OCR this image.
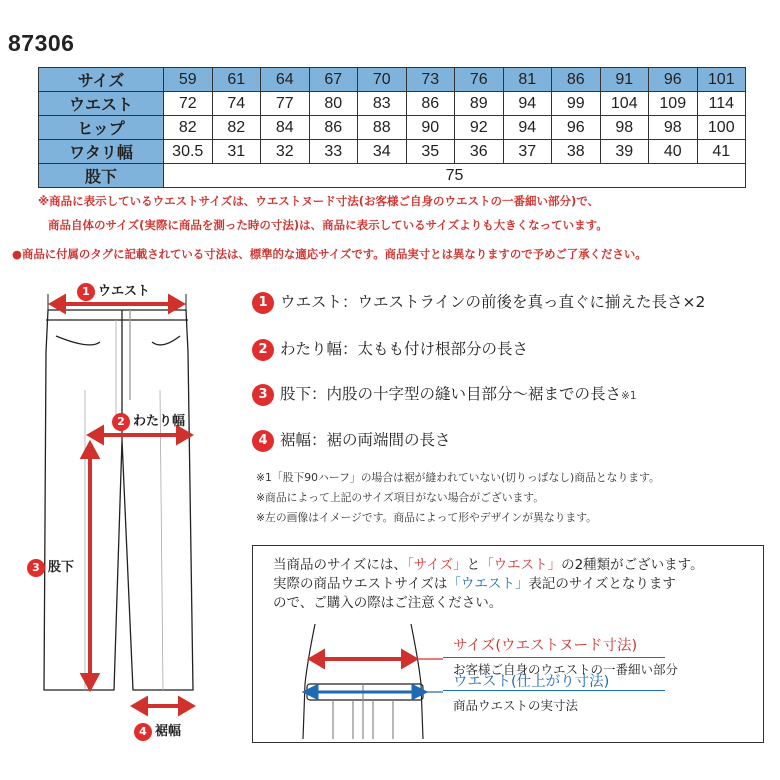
87306
サイズ	59	61	64	67	70	73	76	81	86	91	96	101
ウエスト	72	74	77	80	83	86	89	94	99	104	109	114
ヒップ	82	82	84	86	88	90	92	94	96	98	98	100
ワタリ幅	30.5	31	32	33	34	35	36	37	38	39	40	41
股下	75											
※商品に表示しているウエストサイズは、ウエストヌード寸法(お客様ご自身のウエストの一番細い部分)で、
商品自体のサイズ(実際に商品を測った時の寸法)は、商品に表示しているサイズよりも大きくなっています。
●商品に付属のタグに記載されている寸法は、標準的な適応サイズです。商品実寸とは異なりますので予めご了承ください。
1 ウエスト
2 わたり幅
3 股下
4 裾幅
1 ウエスト：ウエストラインの前後を真っ直ぐに揃えた長さ×2
2 わたり幅：太もも付け根部分の長さ
3 股下：内股の十字型の縫い目部分～裾までの長さ※1
4 裾幅：裾の両端間の長さ
※1「股下90ハーフ」の場合は裾が縫われていない(切りっぱなし)商品となります。
※商品によって上記のサイズ項目がない場合がございます。
※左の画像はイメージです。商品によって形やデザインが異なります。
当商品のサイズには、「サイズ」と「ウエスト」の2種類がございます。
実際の商品ウエストサイズは「ウエスト」表記のサイズとなります
ので、ご購入の際はご注意ください。
サイズ(ウエストヌード寸法)
お客様ご自身のウエストの一番細い部分
ウエスト(仕上がり寸法)
商品ウエストの実寸法
